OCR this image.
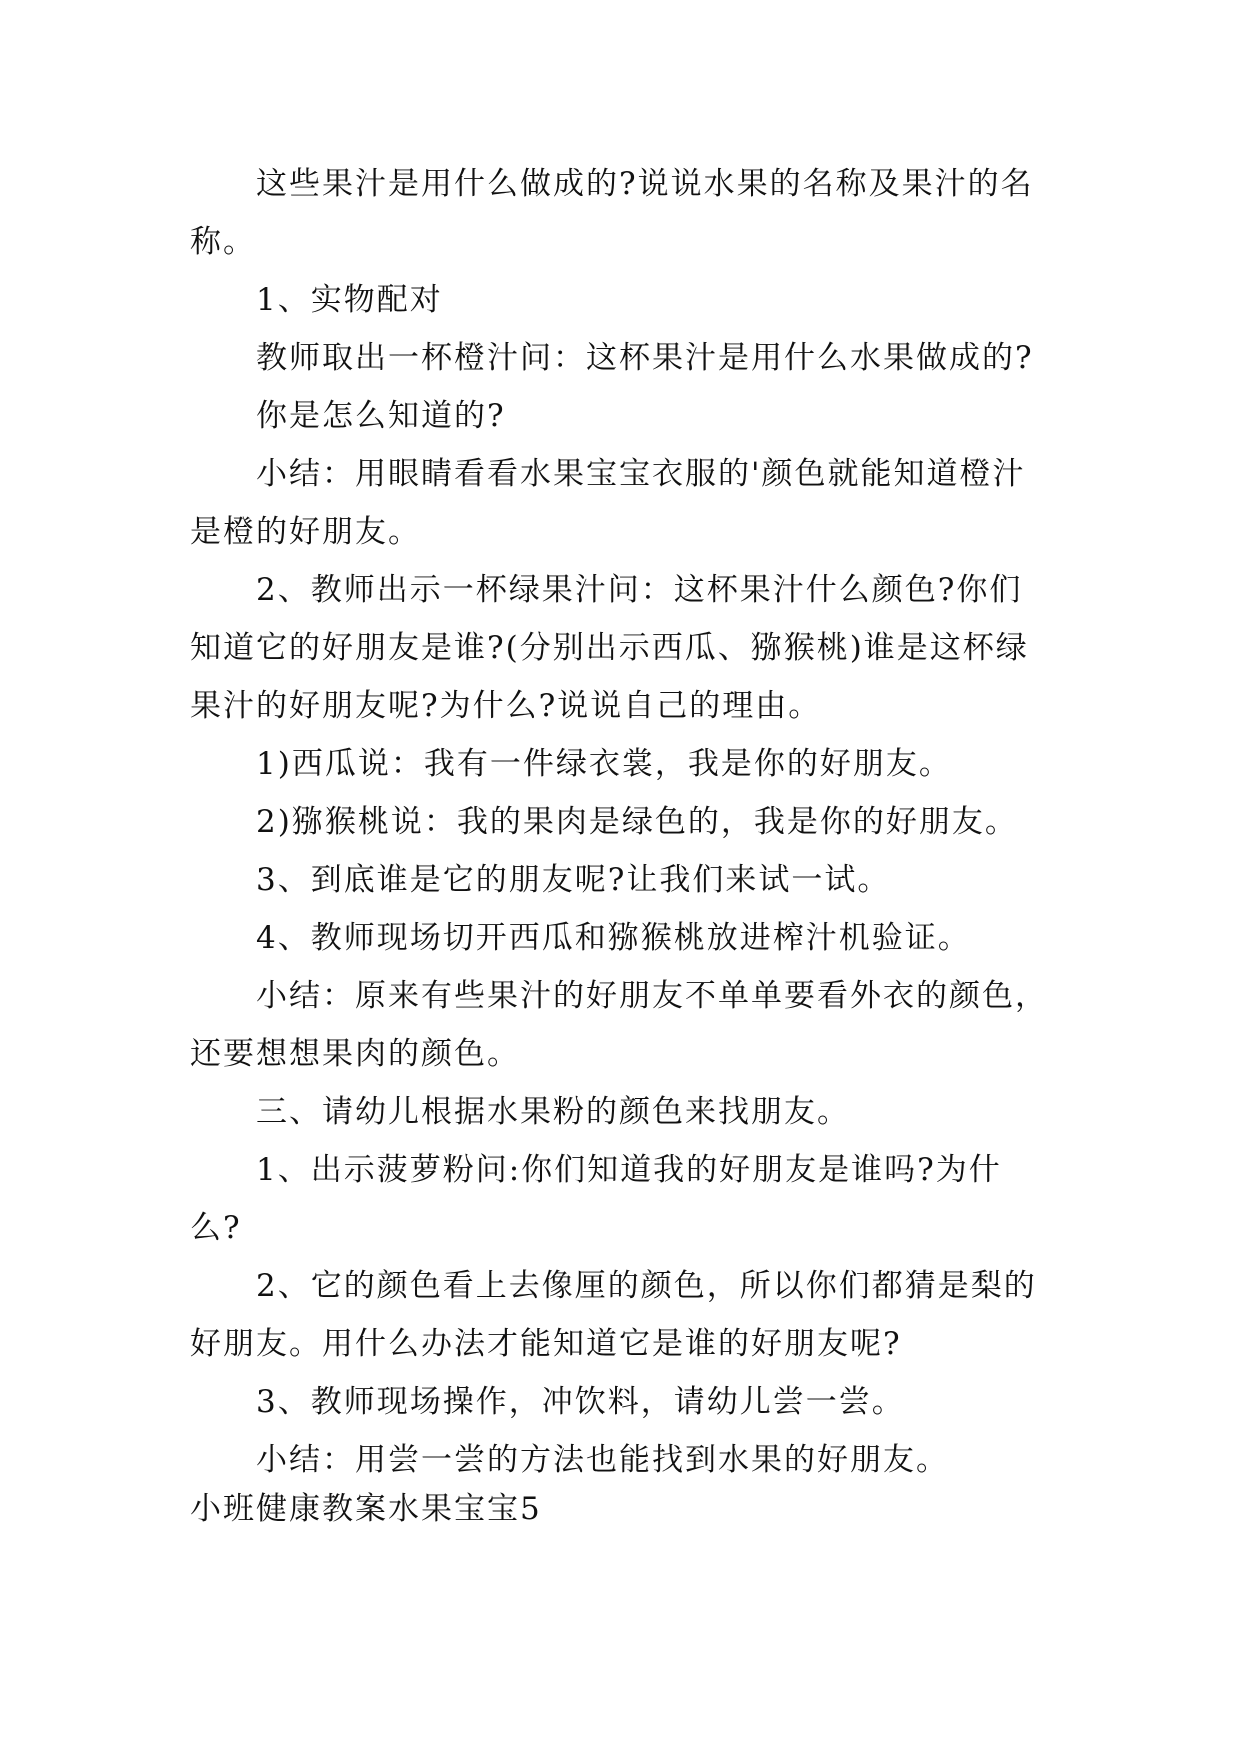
这些果汁是用什么做成的?说说水果的名称及果汁的名称。

1、实物配对

教师取出一杯橙汁问：这杯果汁是用什么水果做成的?

你是怎么知道的?

小结：用眼睛看看水果宝宝衣服的'颜色就能知道橙汁是橙的好朋友。

2、教师出示一杯绿果汁问：这杯果汁什么颜色?你们知道它的好朋友是谁?(分别出示西瓜、猕猴桃)谁是这杯绿果汁的好朋友呢?为什么?说说自己的理由。

1)西瓜说：我有一件绿衣裳，我是你的好朋友。

2)猕猴桃说：我的果肉是绿色的，我是你的好朋友。

3、到底谁是它的朋友呢?让我们来试一试。

4、教师现场切开西瓜和猕猴桃放进榨汁机验证。

小结：原来有些果汁的好朋友不单单要看外衣的颜色，还要想想果肉的颜色。

三、请幼儿根据水果粉的颜色来找朋友。

1、出示菠萝粉问:你们知道我的好朋友是谁吗?为什么?

2、它的颜色看上去像厘的颜色，所以你们都猜是梨的好朋友。用什么办法才能知道它是谁的好朋友呢?

3、教师现场操作，冲饮料，请幼儿尝一尝。

小结：用尝一尝的方法也能找到水果的好朋友。

小班健康教案水果宝宝5
